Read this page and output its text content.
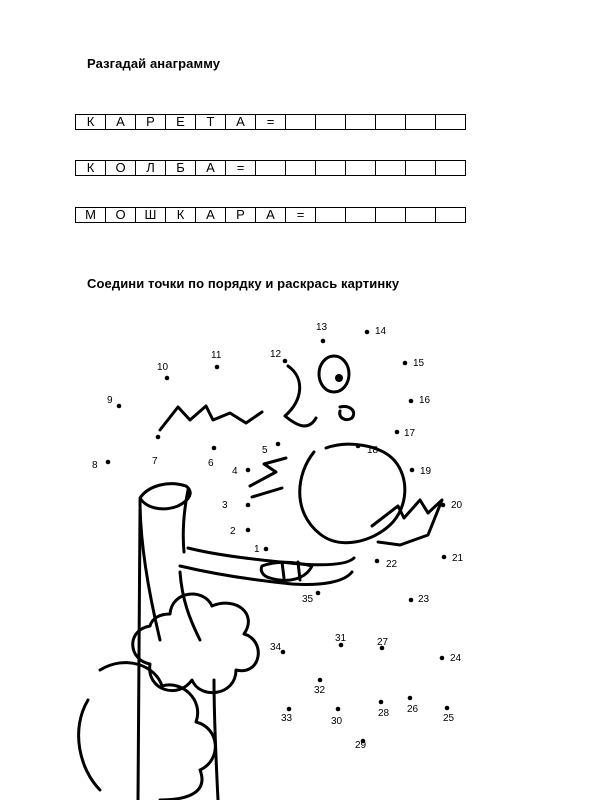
Разгадай анаграмму
К	А	Р	Е	Т	А	=						
К	О	Л	Б	А	=							
М	О	Ш	К	А	Р	А	=					
Соедини точки по порядку и раскрась картинку
1
2
3
4
5
6
7
8
9
10
11	12
13	14
15
16
17
18
19
20
21
22
23
24
25
26
27
28
29
30
31
32
33
34
35
